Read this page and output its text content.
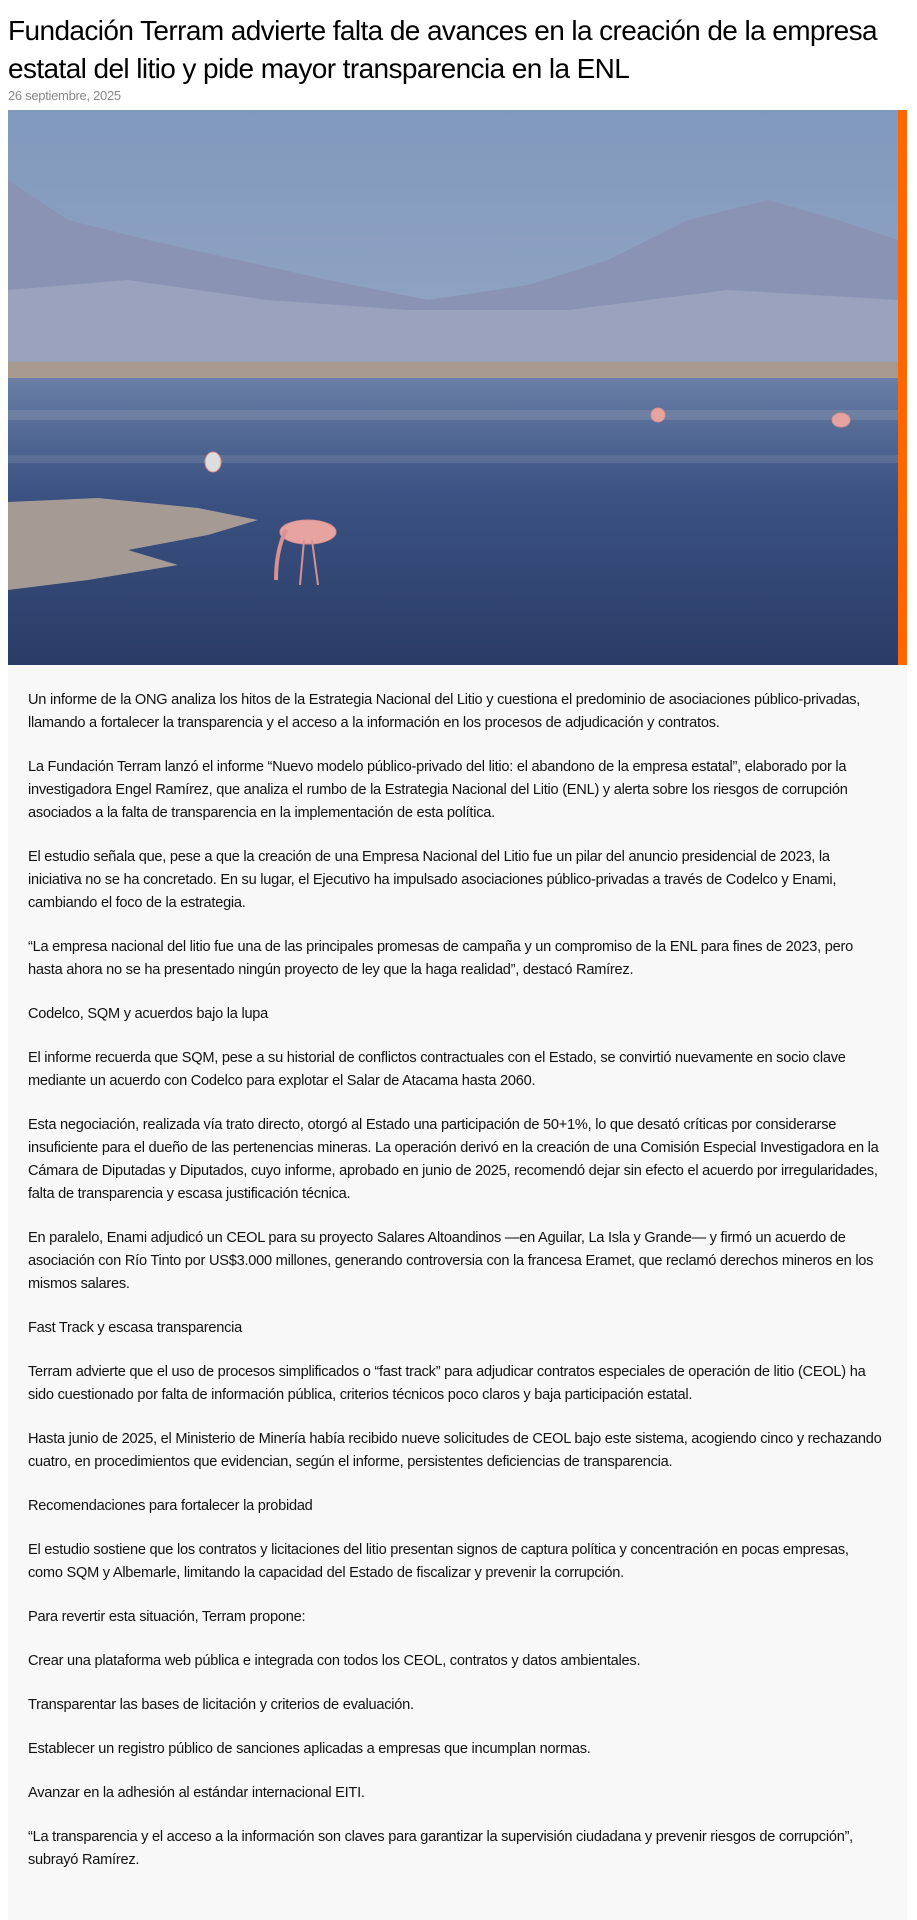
Fundación Terram advierte falta de avances en la creación de la empresa estatal del litio y pide mayor transparencia en la ENL
26 septiembre, 2025

Un informe de la ONG analiza los hitos de la Estrategia Nacional del Litio y cuestiona el predominio de asociaciones público-privadas, llamando a fortalecer la transparencia y el acceso a la información en los procesos de adjudicación y contratos.

La Fundación Terram lanzó el informe “Nuevo modelo público-privado del litio: el abandono de la empresa estatal”, elaborado por la investigadora Engel Ramírez, que analiza el rumbo de la Estrategia Nacional del Litio (ENL) y alerta sobre los riesgos de corrupción asociados a la falta de transparencia en la implementación de esta política.

El estudio señala que, pese a que la creación de una Empresa Nacional del Litio fue un pilar del anuncio presidencial de 2023, la iniciativa no se ha concretado. En su lugar, el Ejecutivo ha impulsado asociaciones público-privadas a través de Codelco y Enami, cambiando el foco de la estrategia.

“La empresa nacional del litio fue una de las principales promesas de campaña y un compromiso de la ENL para fines de 2023, pero hasta ahora no se ha presentado ningún proyecto de ley que la haga realidad”, destacó Ramírez.

Codelco, SQM y acuerdos bajo la lupa

El informe recuerda que SQM, pese a su historial de conflictos contractuales con el Estado, se convirtió nuevamente en socio clave mediante un acuerdo con Codelco para explotar el Salar de Atacama hasta 2060.

Esta negociación, realizada vía trato directo, otorgó al Estado una participación de 50+1%, lo que desató críticas por considerarse insuficiente para el dueño de las pertenencias mineras. La operación derivó en la creación de una Comisión Especial Investigadora en la Cámara de Diputadas y Diputados, cuyo informe, aprobado en junio de 2025, recomendó dejar sin efecto el acuerdo por irregularidades, falta de transparencia y escasa justificación técnica.

En paralelo, Enami adjudicó un CEOL para su proyecto Salares Altoandinos —en Aguilar, La Isla y Grande— y firmó un acuerdo de asociación con Río Tinto por US$3.000 millones, generando controversia con la francesa Eramet, que reclamó derechos mineros en los mismos salares.

Fast Track y escasa transparencia

Terram advierte que el uso de procesos simplificados o “fast track” para adjudicar contratos especiales de operación de litio (CEOL) ha sido cuestionado por falta de información pública, criterios técnicos poco claros y baja participación estatal.

Hasta junio de 2025, el Ministerio de Minería había recibido nueve solicitudes de CEOL bajo este sistema, acogiendo cinco y rechazando cuatro, en procedimientos que evidencian, según el informe, persistentes deficiencias de transparencia.

Recomendaciones para fortalecer la probidad

El estudio sostiene que los contratos y licitaciones del litio presentan signos de captura política y concentración en pocas empresas, como SQM y Albemarle, limitando la capacidad del Estado de fiscalizar y prevenir la corrupción.

Para revertir esta situación, Terram propone:

Crear una plataforma web pública e integrada con todos los CEOL, contratos y datos ambientales.

Transparentar las bases de licitación y criterios de evaluación.

Establecer un registro público de sanciones aplicadas a empresas que incumplan normas.

Avanzar en la adhesión al estándar internacional EITI.

“La transparencia y el acceso a la información son claves para garantizar la supervisión ciudadana y prevenir riesgos de corrupción”, subrayó Ramírez.
